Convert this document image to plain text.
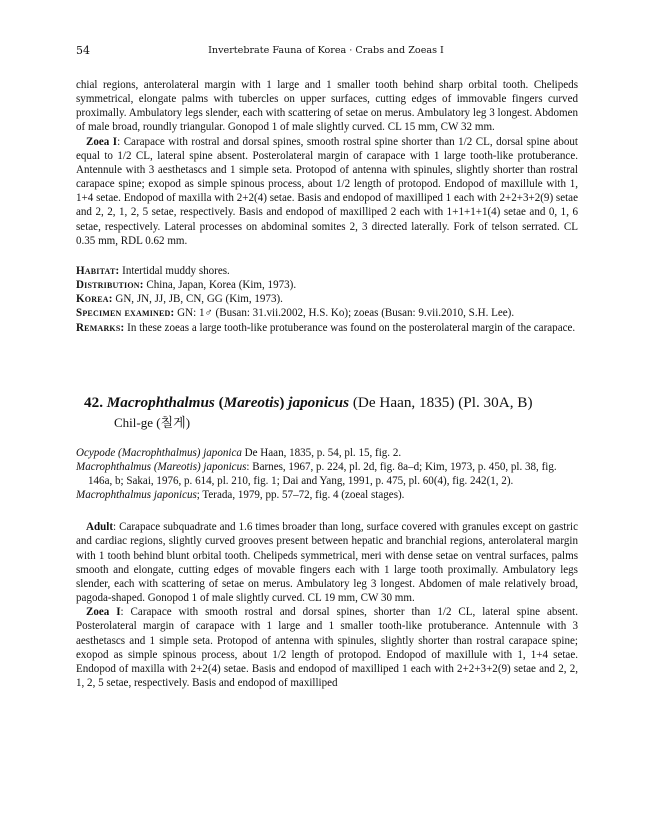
54	Invertebrate Fauna of Korea · Crabs and Zoeas I

chial regions, anterolateral margin with 1 large and 1 smaller tooth behind sharp orbital tooth. Chelipeds symmetrical, elongate palms with tubercles on upper surfaces, cutting edges of immovable fingers curved proximally. Ambulatory legs slender, each with scattering of setae on merus. Ambulatory leg 3 longest. Abdomen of male broad, roundly triangular. Gonopod 1 of male slightly curved. CL 15 mm, CW 32 mm.

Zoea I: Carapace with rostral and dorsal spines, smooth rostral spine shorter than 1/2 CL, dorsal spine about equal to 1/2 CL, lateral spine absent. Posterolateral margin of carapace with 1 large tooth-like protuberance. Antennule with 3 aesthetascs and 1 simple seta. Protopod of antenna with spinules, slightly shorter than rostral carapace spine; exopod as simple spinous process, about 1/2 length of protopod. Endopod of maxillule with 1, 1+4 setae. Endopod of maxilla with 2+2(4) setae. Basis and endopod of maxilliped 1 each with 2+2+3+2(9) setae and 2, 2, 1, 2, 5 setae, respectively. Basis and endopod of maxilliped 2 each with 1+1+1+1(4) setae and 0, 1, 6 setae, respectively. Lateral processes on abdominal somites 2, 3 directed laterally. Fork of telson serrated. CL 0.35 mm, RDL 0.62 mm.

Habitat: Intertidal muddy shores.

Distribution: China, Japan, Korea (Kim, 1973).

Korea: GN, JN, JJ, JB, CN, GG (Kim, 1973).

Specimen examined: GN: 1♂ (Busan: 31.vii.2002, H.S. Ko); zoeas (Busan: 9.vii.2010, S.H. Lee).

Remarks: In these zoeas a large tooth-like protuberance was found on the posterolateral margin of the carapace.

42. Macrophthalmus (Mareotis) japonicus (De Haan, 1835) (Pl. 30A, B)
Chil-ge (칠게)

Ocypode (Macrophthalmus) japonica De Haan, 1835, p. 54, pl. 15, fig. 2.

Macrophthalmus (Mareotis) japonicus: Barnes, 1967, p. 224, pl. 2d, fig. 8a–d; Kim, 1973, p. 450, pl. 38, fig. 146a, b; Sakai, 1976, p. 614, pl. 210, fig. 1; Dai and Yang, 1991, p. 475, pl. 60(4), fig. 242(1, 2).

Macrophthalmus japonicus; Terada, 1979, pp. 57–72, fig. 4 (zoeal stages).

Adult: Carapace subquadrate and 1.6 times broader than long, surface covered with granules except on gastric and cardiac regions, slightly curved grooves present between hepatic and branchial regions, anterolateral margin with 1 tooth behind blunt orbital tooth. Chelipeds symmetrical, meri with dense setae on ventral surfaces, palms smooth and elongate, cutting edges of movable fingers each with 1 large tooth proximally. Ambulatory legs slender, each with scattering of setae on merus. Ambulatory leg 3 longest. Abdomen of male relatively broad, pagoda-shaped. Gonopod 1 of male slightly curved. CL 19 mm, CW 30 mm.

Zoea I: Carapace with smooth rostral and dorsal spines, shorter than 1/2 CL, lateral spine absent. Posterolateral margin of carapace with 1 large and 1 smaller tooth-like protuberance. Antennule with 3 aesthetascs and 1 simple seta. Protopod of antenna with spinules, slightly shorter than rostral carapace spine; exopod as simple spinous process, about 1/2 length of protopod. Endopod of maxillule with 1, 1+4 setae. Endopod of maxilla with 2+2(4) setae. Basis and endopod of maxilliped 1 each with 2+2+3+2(9) setae and 2, 2, 1, 2, 5 setae, respectively. Basis and endopod of maxilliped
